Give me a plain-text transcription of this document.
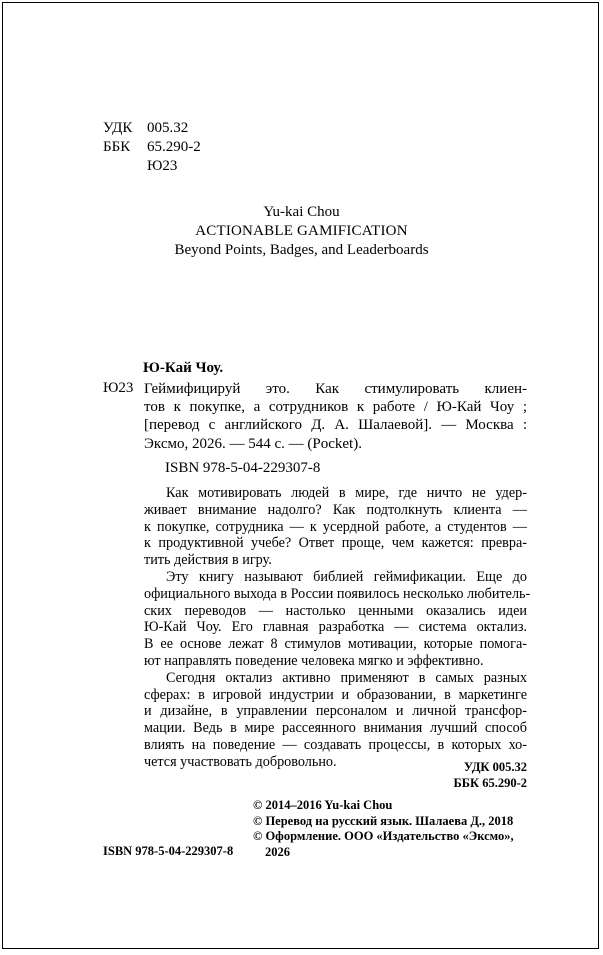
УДК 005.32
ББК	65.290-2
Ю23
Yu-kai Chou
ACTIONABLE GAMIFICATION
Beyond Points, Badges, and Leaderboards
Ю-Кай Чоу.
Ю23 Геймифицируй это. Как стимулировать клиен-
тов к покупке, а сотрудников к работе / Ю-Кай Чоу ;
[перевод с английского Д. А. Шалаевой]. — Москва :
Эксмо, 2026. — 544 с. — (Pocket).
ISBN 978-5-04-229307-8
Как мотивировать людей в мире, где ничто не удер-
живает внимание надолго? Как подтолкнуть клиента —
к покупке, сотрудника — к усердной работе, а студентов —
к продуктивной учебе? Ответ проще, чем кажется: превра-
тить действия в игру.
Эту книгу называют библией геймификации. Еще до
официального выхода в России появилось несколько любитель-
ских переводов — настолько ценными оказались идеи
Ю-Кай Чоу. Его главная разработка — система октализ.
В ее основе лежат 8 стимулов мотивации, которые помога-
ют направлять поведение человека мягко и эффективно.
Сегодня октализ активно применяют в самых разных
сферах: в игровой индустрии и образовании, в маркетинге
и дизайне, в управлении персоналом и личной трансфор-
мации. Ведь в мире рассеянного внимания лучший способ
влиять на поведение — создавать процессы, в которых хо-
чется участвовать добровольно.	УДК 005.32
ББК 65.290-2
© 2014–2016 Yu-kai Chou
© Перевод на русский язык. Шалаева Д., 2018
© Оформление. ООО «Издательство «Эксмо»,
2026
ISBN 978-5-04-229307-8
